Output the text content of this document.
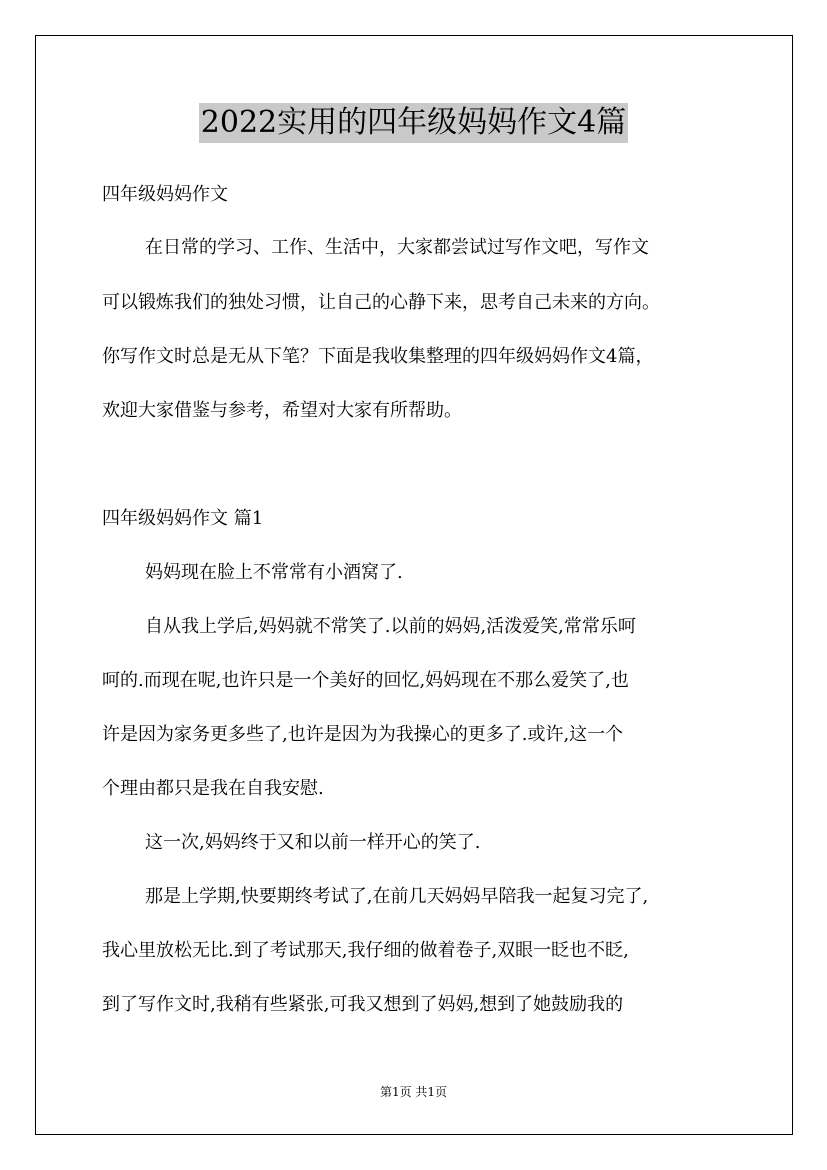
2022实用的四年级妈妈作文4篇
四年级妈妈作文
在日常的学习、工作、生活中，大家都尝试过写作文吧，写作文
可以锻炼我们的独处习惯，让自己的心静下来，思考自己未来的方向。
你写作文时总是无从下笔？下面是我收集整理的四年级妈妈作文4篇，
欢迎大家借鉴与参考，希望对大家有所帮助。
四年级妈妈作文 篇1
妈妈现在脸上不常常有小酒窝了.
自从我上学后,妈妈就不常笑了.以前的妈妈,活泼爱笑,常常乐呵
呵的.而现在呢,也许只是一个美好的回忆,妈妈现在不那么爱笑了,也
许是因为家务更多些了,也许是因为为我操心的更多了.或许,这一个
个理由都只是我在自我安慰.
这一次,妈妈终于又和以前一样开心的笑了.
那是上学期,快要期终考试了,在前几天妈妈早陪我一起复习完了,
我心里放松无比.到了考试那天,我仔细的做着卷子,双眼一眨也不眨,
到了写作文时,我稍有些紧张,可我又想到了妈妈,想到了她鼓励我的
第1页 共1页
